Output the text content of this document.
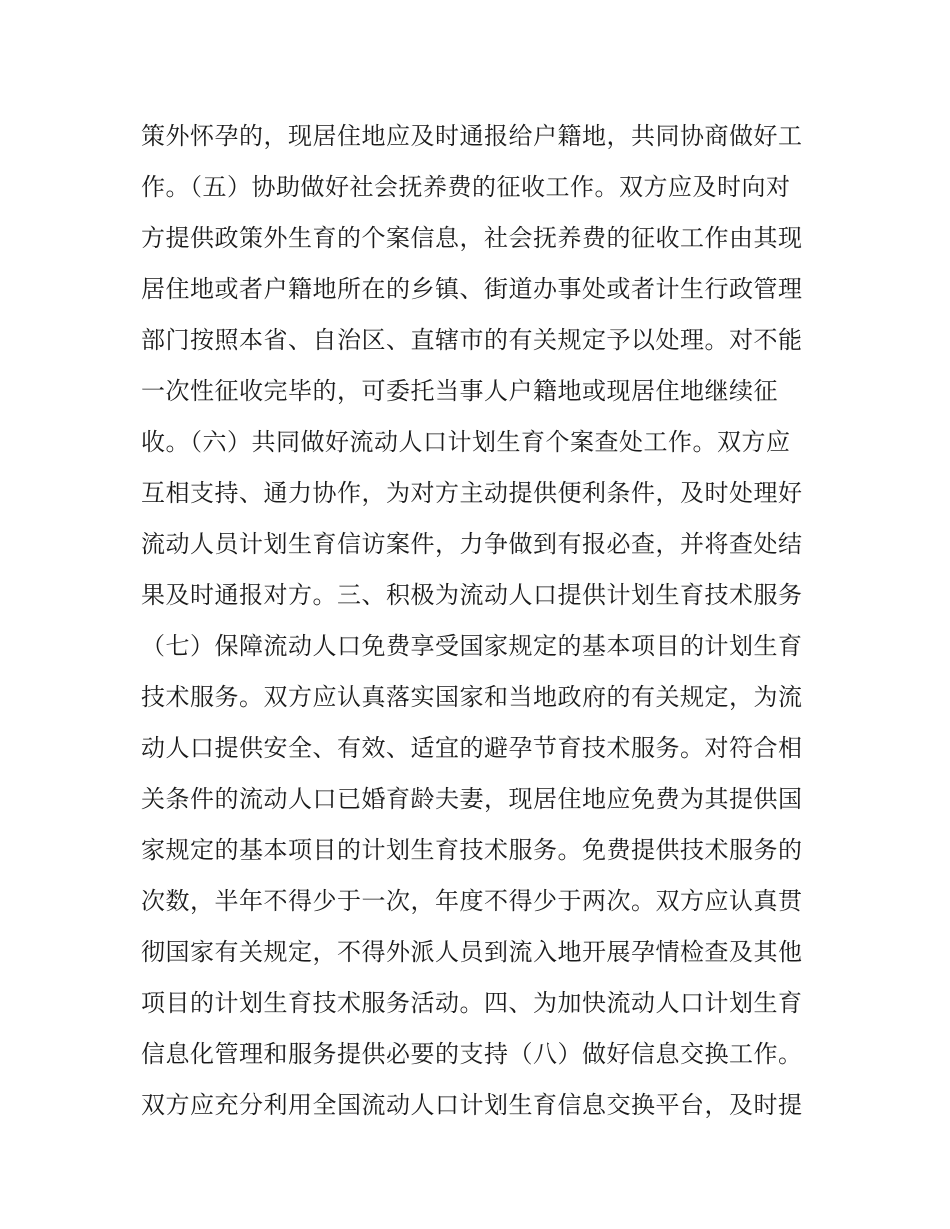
策外怀孕的，现居住地应及时通报给户籍地，共同协商做好工
作。（五）协助做好社会抚养费的征收工作。双方应及时向对
方提供政策外生育的个案信息，社会抚养费的征收工作由其现
居住地或者户籍地所在的乡镇、街道办事处或者计生行政管理
部门按照本省、自治区、直辖市的有关规定予以处理。对不能
一次性征收完毕的，可委托当事人户籍地或现居住地继续征
收。（六）共同做好流动人口计划生育个案查处工作。双方应
互相支持、通力协作，为对方主动提供便利条件，及时处理好
流动人员计划生育信访案件，力争做到有报必查，并将查处结
果及时通报对方。三、积极为流动人口提供计划生育技术服务
（七）保障流动人口免费享受国家规定的基本项目的计划生育
技术服务。双方应认真落实国家和当地政府的有关规定，为流
动人口提供安全、有效、适宜的避孕节育技术服务。对符合相
关条件的流动人口已婚育龄夫妻，现居住地应免费为其提供国
家规定的基本项目的计划生育技术服务。免费提供技术服务的
次数，半年不得少于一次，年度不得少于两次。双方应认真贯
彻国家有关规定，不得外派人员到流入地开展孕情检查及其他
项目的计划生育技术服务活动。四、为加快流动人口计划生育
信息化管理和服务提供必要的支持（八）做好信息交换工作。
双方应充分利用全国流动人口计划生育信息交换平台，及时提
